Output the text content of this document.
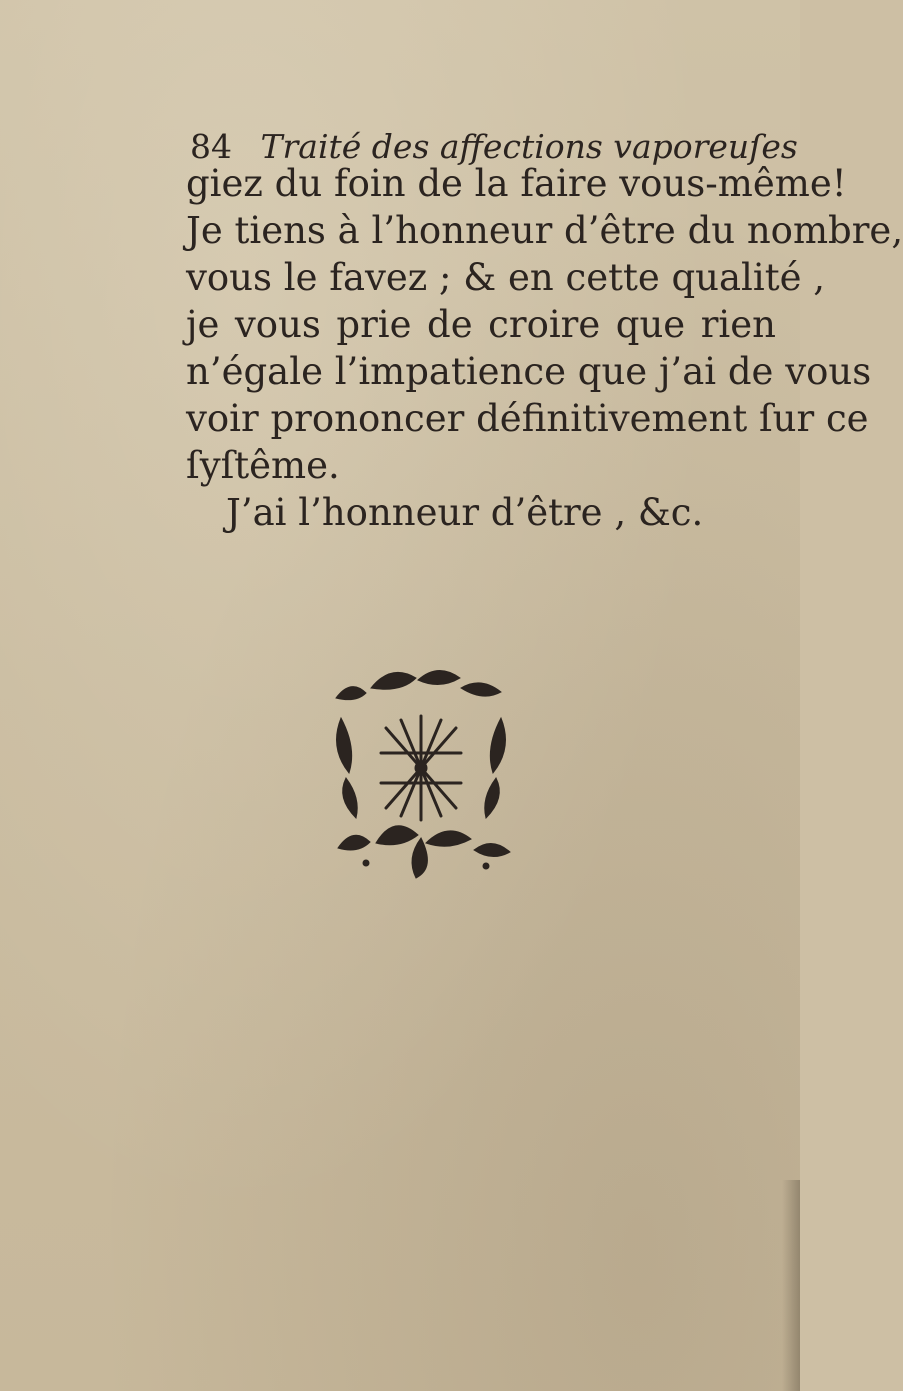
84 Traité des affections vaporeuſes
giez du foin de la faire vous-même!
Je tiens à l’honneur d’être du nombre,
vous le favez ; & en cette qualité ,
je vous prie de croire que rien
n’égale l’impatience que j’ai de vous
voir prononcer définitivement ſur ce
ſyſtême.
J’ai l’honneur d’être , &c.
